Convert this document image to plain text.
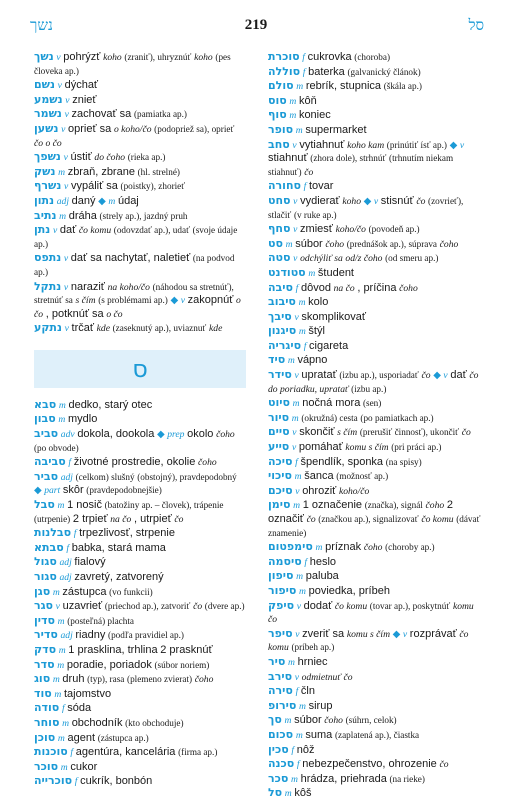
נשך	219	סל

נשך v pohrýzť koho (zraniť), uhryznúť koho (pes človeka ap.)

נשם v dýchať

נשמע v znieť

נשמר v zachovať sa (pamiatka ap.)

נשען v oprieť sa o koho/čo (podopriež sa), oprieť čo o čo

נשפך v ústiť do čoho (rieka ap.)

נשק m zbraň, zbrane (hl. strelné)

נשרף v vypáliť sa (poistky), zhorieť

נתון adj daný ◆ m údaj

נתיב m dráha (strely ap.), jazdný pruh

נתן v dať čo komu (odovzdať ap.), udať (svoje údaje ap.)

נתפס v dať sa nachytať, naletieť (na podvod ap.)

נתקל v naraziť na koho/čo (náhodou sa stretnúť), stretnúť sa s čím (s problémami ap.) ◆ v zakopnúť o čo , potknúť sa o čo

נתקע v trčať kde (zaseknutý ap.), uviaznuť kde

ס

סבא m dedko, starý otec

סבון m mydlo

סביב adv dokola, dookola ◆ prep okolo čoho (po obvode)

סביבה f životné prostredie, okolie čoho

סביר adj (celkom) slušný (obstojný), pravdepodobný ◆ part skôr (pravdepodobnejšie)

סבל m 1 nosič (batožiny ap. – človek), trápenie (utrpenie) 2 trpieť na čo , utrpieť čo

סבלנות f trpezlivosť, strpenie

סבתא f babka, stará mama

סגול adj fialový

סגור adj zavretý, zatvorený

סגן m zástupca (vo funkcii)

סגר v uzavrieť (priechod ap.), zatvoriť čo (dvere ap.)

סדין m (posteľná) plachta

סדיר adj riadny (podľa pravidiel ap.)

סדק m 1 prasklina, trhlina 2 prasknúť

סדר m poradie, poriadok (súbor noriem)

סוג m druh (typ), rasa (plemeno zvierat) čoho

סוד m tajomstvo

סודה f sóda

סוחר m obchodník (kto obchoduje)

סוכן m agent (zástupca ap.)

סוכנות f agentúra, kancelária (firma ap.)

סוכר m cukor

סוכרייה f cukrík, bonbón

סוכרת f cukrovka (choroba)

סוללה f baterka (galvanický článok)

סולם m rebrík, stupnica (škála ap.)

סוס m kôň

סוף m koniec

סופר m supermarket

סחב v vytiahnuť koho kam (prinútiť ísť ap.) ◆ v stiahnuť (zhora dole), strhnúť (trhnutím niekam stiahnuť) čo

סחורה f tovar

סחט v vydierať koho ◆ v stisnúť čo (zovrieť), stlačiť (v ruke ap.)

סחף v zmiesť koho/čo (povodeň ap.)

סט m súbor čoho (prednášok ap.), súprava čoho

סטה v odchýliť sa od/z čoho (od smeru ap.)

סטודנט m študent

סיבה f dôvod na čo , príčina čoho

סיבוב m kolo

סיבך v skomplikovať

סיגנון m štýl

סיגריה f cigareta

סיד m vápno

סידר v upratať (izbu ap.), usporiadať čo ◆ v dať čo do poriadku, upratať (izbu ap.)

סיוט m nočná mora (sen)

סיור m (okružná) cesta (po pamiatkach ap.)

סיים v skončiť s čím (prerušiť činnosť), ukončiť čo

סייע v pomáhať komu s čím (pri práci ap.)

סיכה f špendlík, sponka (na spisy)

סיכוי m šanca (možnosť ap.)

סיכם v ohroziť koho/čo

סימן m 1 označenie (značka), signál čoho 2 označiť čo (značkou ap.), signalizovať čo komu (dávať znamenie)

סימפטום m príznak čoho (choroby ap.)

סיסמה f heslo

סיפון m paluba

סיפור m poviedka, príbeh

סיפק v dodať čo komu (tovar ap.), poskytnúť komu čo

סיפר v zveriť sa komu s čím ◆ v rozprávať čo komu (príbeh ap.)

סיר m hrniec

סירב v odmietnuť čo

סירה f čln

סירופ m sirup

סך m súbor čoho (súhrn, celok)

סכום m suma (zaplatená ap.), čiastka

סכין f nôž

סכנה f nebezpečenstvo, ohrozenie čo

סכר m hrádza, priehrada (na rieke)

סל m kôš
